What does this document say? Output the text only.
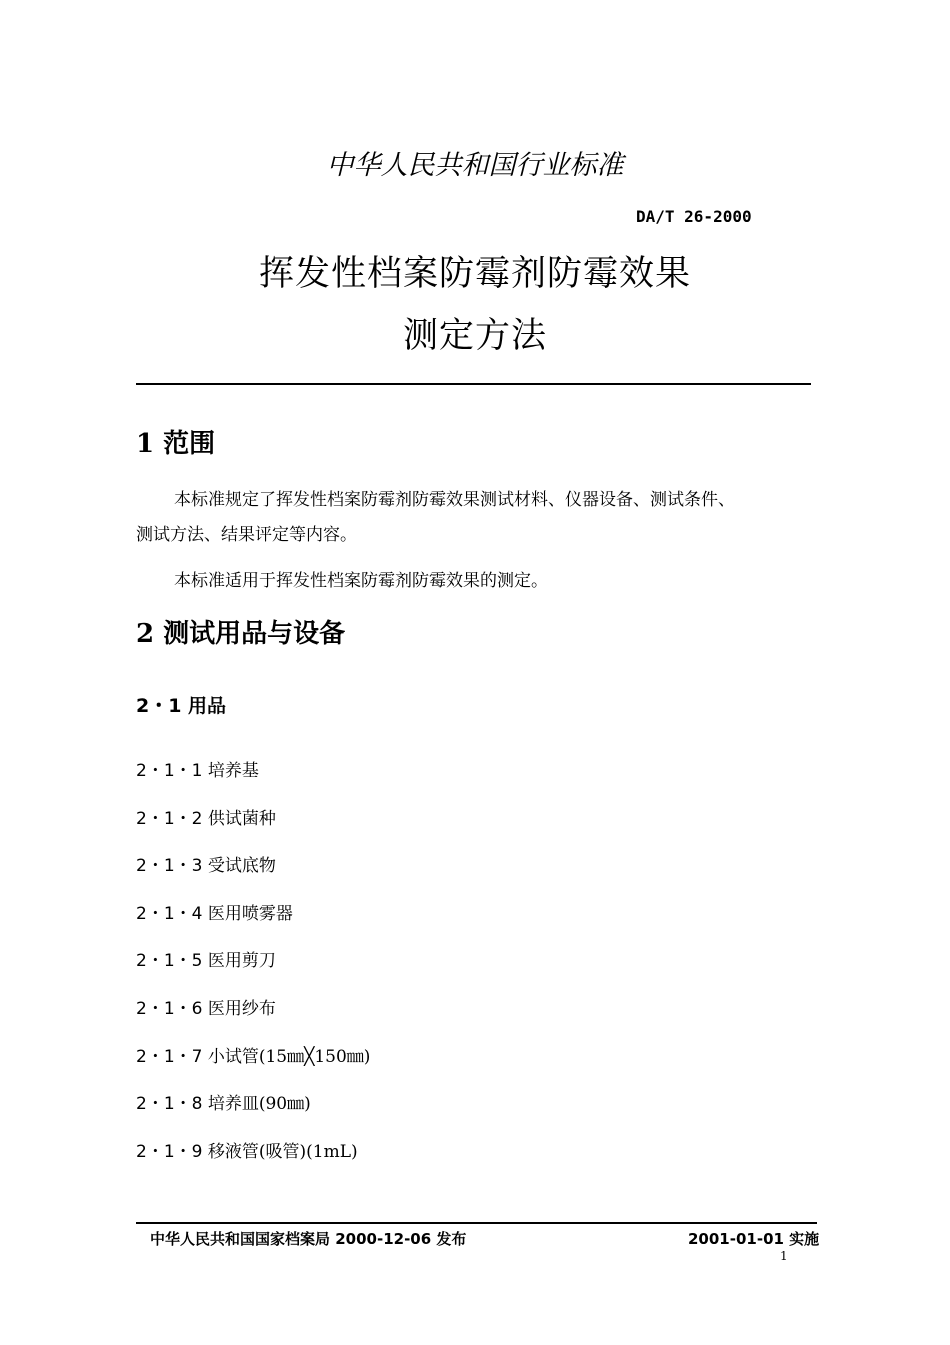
中华人民共和国行业标准
DA/T 26-2000
挥发性档案防霉剂防霉效果
测定方法
1 范围
本标准规定了挥发性档案防霉剂防霉效果测试材料、仪器设备、测试条件、
测试方法、结果评定等内容。
本标准适用于挥发性档案防霉剂防霉效果的测定。
2 测试用品与设备
2・1 用品
2・1・1 培养基
2・1・2 供试菌种
2・1・3 受试底物
2・1・4 医用喷雾器
2・1・5 医用剪刀
2・1・6 医用纱布
2・1・7 小试管(15㎜╳150㎜)
2・1・8 培养皿(90㎜)
2・1・9 移液管(吸管)(1mL)
中华人民共和国国家档案局 2000-12-06 发布	2001-01-01 实施
1
